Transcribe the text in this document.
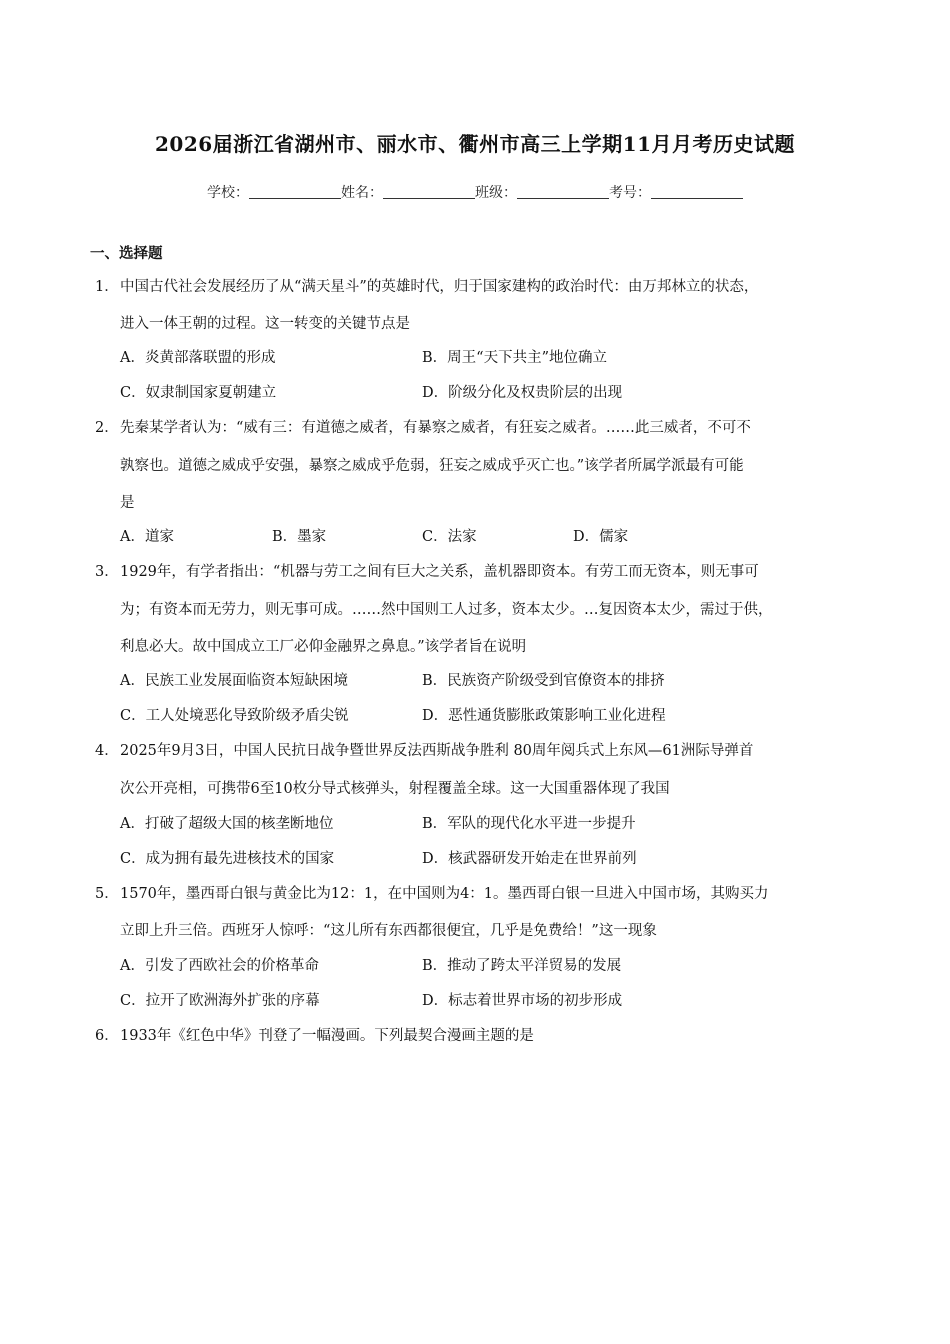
2026届浙江省湖州市、丽水市、衢州市高三上学期11月月考历史试题
学校：	姓名：	班级：	考号：
一、选择题
1． 中国古代社会发展经历了从“满天星斗”的英雄时代，归于国家建构的政治时代：由万邦林立的状态，
进入一体王朝的过程。这一转变的关键节点是
A．炎黄部落联盟的形成	B．周王“天下共主”地位确立
C．奴隶制国家夏朝建立	D．阶级分化及权贵阶层的出现
2． 先秦某学者认为：“威有三：有道德之威者，有暴察之威者，有狂妄之威者。……此三威者，不可不
孰察也。道德之威成乎安强，暴察之威成乎危弱，狂妄之威成乎灭亡也。”该学者所属学派最有可能
是
A．道家	B．墨家	C．法家	D．儒家
3． 1929年，有学者指出：“机器与劳工之间有巨大之关系，盖机器即资本。有劳工而无资本，则无事可
为；有资本而无劳力，则无事可成。……然中国则工人过多，资本太少。…复因资本太少，需过于供，
利息必大。故中国成立工厂必仰金融界之鼻息。”该学者旨在说明
A．民族工业发展面临资本短缺困境	B．民族资产阶级受到官僚资本的排挤
C．工人处境恶化导致阶级矛盾尖锐	D．恶性通货膨胀政策影响工业化进程
4． 2025年9月3日，中国人民抗日战争暨世界反法西斯战争胜利 80周年阅兵式上东风—61洲际导弹首
次公开亮相，可携带6至10枚分导式核弹头，射程覆盖全球。这一大国重器体现了我国
A．打破了超级大国的核垄断地位	B．军队的现代化水平进一步提升
C．成为拥有最先进核技术的国家	D．核武器研发开始走在世界前列
5． 1570年，墨西哥白银与黄金比为12：1，在中国则为4：1。墨西哥白银一旦进入中国市场，其购买力
立即上升三倍。西班牙人惊呼：“这儿所有东西都很便宜，几乎是免费给！”这一现象
A．引发了西欧社会的价格革命	B．推动了跨太平洋贸易的发展
C．拉开了欧洲海外扩张的序幕	D．标志着世界市场的初步形成
6． 1933年《红色中华》刊登了一幅漫画。下列最契合漫画主题的是
